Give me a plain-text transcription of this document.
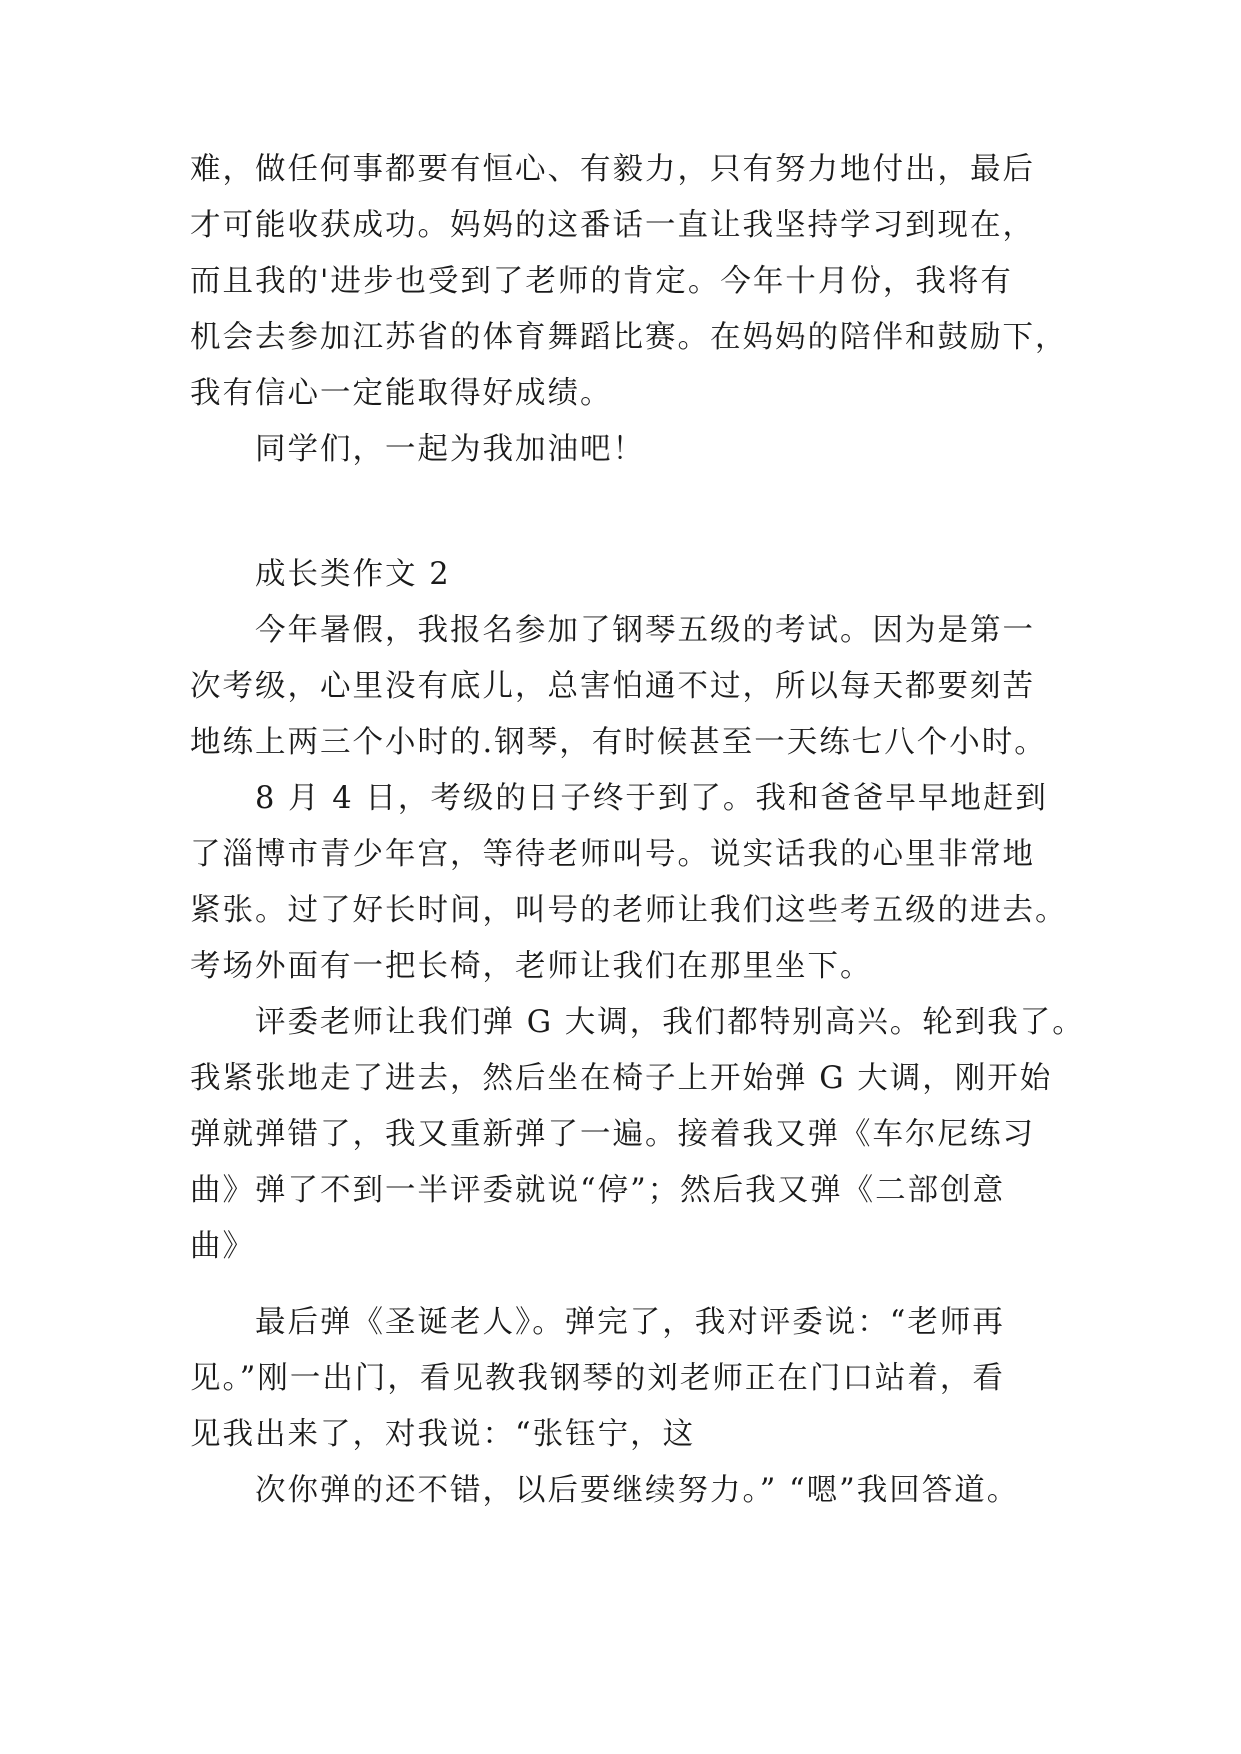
难，做任何事都要有恒心、有毅力，只有努力地付出，最后
才可能收获成功。妈妈的这番话一直让我坚持学习到现在，
而且我的'进步也受到了老师的肯定。今年十月份，我将有
机会去参加江苏省的体育舞蹈比赛。在妈妈的陪伴和鼓励下，
我有信心一定能取得好成绩。
同学们，一起为我加油吧！
成长类作文 2
今年暑假，我报名参加了钢琴五级的考试。因为是第一
次考级，心里没有底儿，总害怕通不过，所以每天都要刻苦
地练上两三个小时的.钢琴，有时候甚至一天练七八个小时。
8 月 4 日，考级的日子终于到了。我和爸爸早早地赶到
了淄博市青少年宫，等待老师叫号。说实话我的心里非常地
紧张。过了好长时间，叫号的老师让我们这些考五级的进去。
考场外面有一把长椅，老师让我们在那里坐下。
评委老师让我们弹 G 大调，我们都特别高兴。轮到我了。
我紧张地走了进去，然后坐在椅子上开始弹 G 大调，刚开始
弹就弹错了，我又重新弹了一遍。接着我又弹《车尔尼练习
曲》弹了不到一半评委就说“停”；然后我又弹《二部创意
曲》
最后弹《圣诞老人》。弹完了，我对评委说：“老师再
见。”刚一出门，看见教我钢琴的刘老师正在门口站着，看
见我出来了，对我说：“张钰宁，这
次你弹的还不错，以后要继续努力。” “嗯”我回答道。
